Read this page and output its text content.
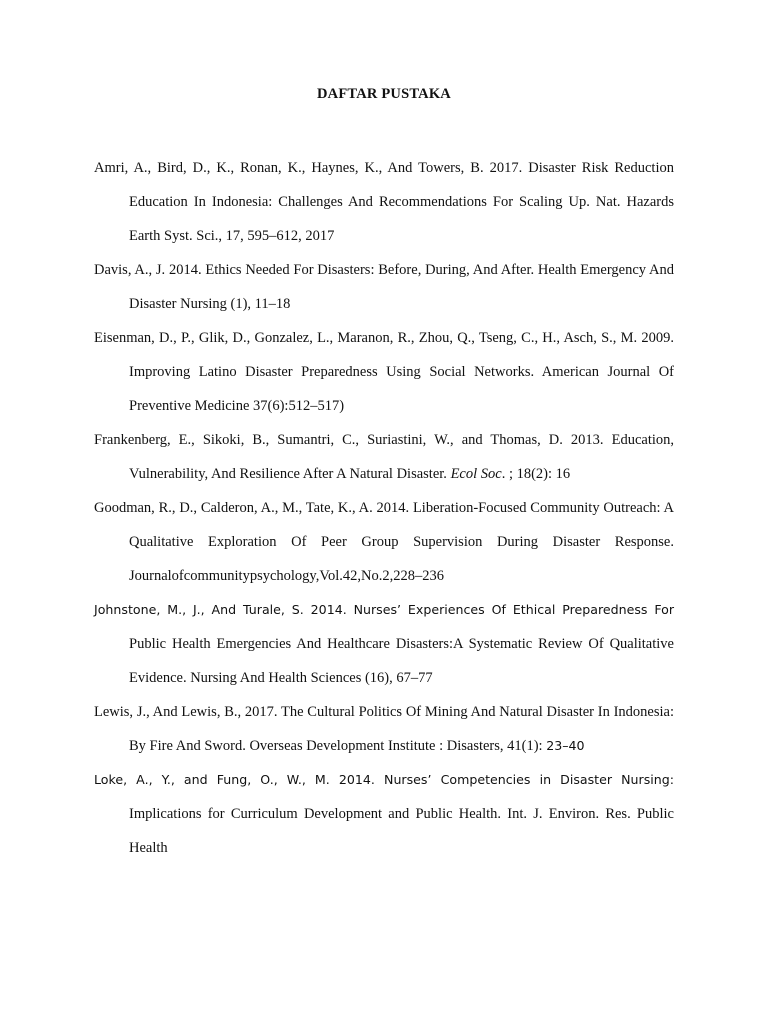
DAFTAR PUSTAKA

Amri, A., Bird, D., K., Ronan, K., Haynes, K., And Towers, B. 2017. Disaster Risk Reduction Education In Indonesia: Challenges And Recommendations For Scaling Up. Nat. Hazards Earth Syst. Sci., 17, 595–612, 2017

Davis, A., J. 2014. Ethics Needed For Disasters: Before, During, And After. Health Emergency And Disaster Nursing (1), 11–18

Eisenman, D., P., Glik, D., Gonzalez, L., Maranon, R., Zhou, Q., Tseng, C., H., Asch, S., M. 2009. Improving Latino Disaster Preparedness Using Social Networks. American Journal Of Preventive Medicine 37(6):512–517)

Frankenberg, E., Sikoki, B., Sumantri, C., Suriastini, W., and Thomas, D. 2013. Education, Vulnerability, And Resilience After A Natural Disaster. Ecol Soc. ; 18(2): 16

Goodman, R., D., Calderon, A., M., Tate, K., A. 2014. Liberation-Focused Community Outreach: A Qualitative Exploration Of Peer Group Supervision During Disaster Response. Journalofcommunitypsychology,Vol.42,No.2,228–236

Johnstone, M., J., And Turale, S. 2014. Nurses’ Experiences Of Ethical Preparedness For Public Health Emergencies And Healthcare Disasters:A Systematic Review Of Qualitative Evidence. Nursing And Health Sciences (16), 67–77

Lewis, J., And Lewis, B., 2017. The Cultural Politics Of Mining And Natural Disaster In Indonesia: By Fire And Sword. Overseas Development Institute : Disasters, 41(1): 23–40

Loke, A., Y., and Fung, O., W., M. 2014. Nurses’ Competencies in Disaster Nursing: Implications for Curriculum Development and Public Health. Int. J. Environ. Res. Public Health
